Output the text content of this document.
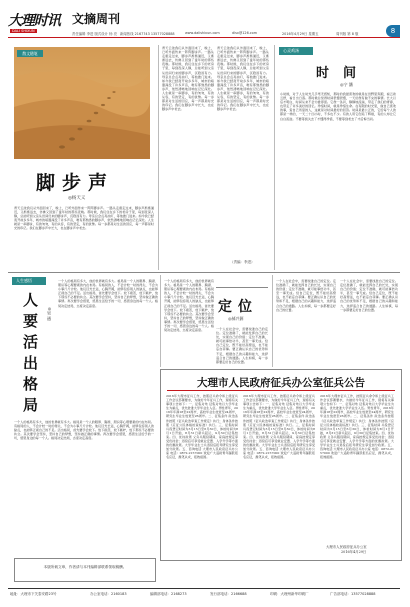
大理时讯
DALI SHIXUN
文摘周刊
责任编辑 李进 版式设计 杨 亮 新闻热线 2167743 13577028888	www.dalishixun.com	dlsx@126.com	2016年4月29日 星期五	周刊版 第 8 版	8
散文随笔
脚步声
◎杨天义
青天云浓我们从外面回来了，晚上，已听外面传来一阵阵脚步声。一路从走廊走过来，脚步声渐渐逼近，又渐渐远去，仿佛又回到了童年时的那些夜晚。那时候，我们住在乡下的老房子里，每到夜深人静，总能听到父亲从田间归来的脚步声，沉稳而有力。母亲总会点亮油灯，等他推门进来。如今我已经离开故乡多年，城市的喧嚣淹没了许多声音，唯有那熟悉的脚步声，依然清晰地回响在记忆深处。人生就是一串脚步，有的匆匆，有的从容，有的坚定，有的犹豫。每一步都是对生活的回应，每一声都是时光的印记。我们在脚步声中长大，也在脚步声中老去。
青天云浓我们从外面回来了，晚上，已听外面传来一阵阵脚步声。一路从走廊走过来，脚步声渐渐逼近，又渐渐远去，仿佛又回到了童年时的那些夜晚。那时候，我们住在乡下的老房子里，每到夜深人静，总能听到父亲从田间归来的脚步声，沉稳而有力。母亲总会点亮油灯，等他推门进来。如今我已经离开故乡多年，城市的喧嚣淹没了许多声音，唯有那熟悉的脚步声，依然清晰地回响在记忆深处。人生就是一串脚步，有的匆匆，有的从容，有的坚定，有的犹豫。每一步都是对生活的回应，每一声都是时光的印记。我们在脚步声中长大，也在脚步声中老去。
青天云浓我们从外面回来了，晚上，已听外面传来一阵阵脚步声。一路从走廊走过来，脚步声渐渐逼近，又渐渐远去，仿佛又回到了童年时的那些夜晚。那时候，我们住在乡下的老房子里，每到夜深人静，总能听到父亲从田间归来的脚步声，沉稳而有力。母亲总会点亮油灯，等他推门进来。如今我已经离开故乡多年，城市的喧嚣淹没了许多声音，唯有那熟悉的脚步声，依然清晰地回响在记忆深处。人生就是一串脚步，有的匆匆，有的从容，有的坚定，有的犹豫。每一步都是对生活的回应，每一声都是时光的印记。我们在脚步声中长大，也在脚步声中老去。
（责编：李进）
心灵鸡汤
时间
◎宁 涵
小时候，对于人生时光几乎毫无感知，那时的我最喜欢的就是在田野里奔跑，看云卷云舒，看日出日落。那时候总觉得时间很慢很慢，一天好像有做不完的事情。长大以后才明白，时间从来不会为谁停留。它像一条河，静静地流淌，带走了我们的青春，也带走了许多美好的回忆。珍惜时间，就是珍惜生命。在有限的时光里，做自己喜欢的事，爱自己所爱的人，这就是对时间最好的回答。时间是最公正的，它给每个人的都是一样的，一天二十四小时，不多也不少。有的人用它创造了辉煌，有的人却让它白白流逝。不要等到失去了才懂得珍惜，不要等到老去了才后悔当初。
人生感悟
人要活出格局	◎吴 通
一个人的格局有多大，他的世界就有多大。格局是一个人的眼界、胸襟、胆识等心理要素的内在布局。有格局的人，不会计较一时的得失，不会为小事斤斤计较。他们目光长远，心胸开阔，能够包容别人的缺点，也能够正视自己的不足。活出格局，首先要学会放下。放下抱怨，放下嫉妒，放下那些不必要的执念。其次要学会坚持，坚持自己的梦想，坚持做正确的事情。再次要学会感恩，感恩生活给予的一切，感恩身边的每一个人。格局决定结局，态度决定高度。
一个人的格局有多大，他的世界就有多大。格局是一个人的眼界、胸襟、胆识等心理要素的内在布局。有格局的人，不会计较一时的得失，不会为小事斤斤计较。他们目光长远，心胸开阔，能够包容别人的缺点，也能够正视自己的不足。活出格局，首先要学会放下。放下抱怨，放下嫉妒，放下那些不必要的执念。其次要学会坚持，坚持自己的梦想，坚持做正确的事情。再次要学会感恩，感恩生活给予的一切，感恩身边的每一个人。格局决定结局，态度决定高度。
一个人的格局有多大，他的世界就有多大。格局是一个人的眼界、胸襟、胆识等心理要素的内在布局。有格局的人，不会计较一时的得失，不会为小事斤斤计较。他们目光长远，心胸开阔，能够包容别人的缺点，也能够正视自己的不足。活出格局，首先要学会放下。放下抱怨，放下嫉妒，放下那些不必要的执念。其次要学会坚持，坚持自己的梦想，坚持做正确的事情。再次要学会感恩，感恩生活给予的一切，感恩身边的每一个人。格局决定结局，态度决定高度。
定位
◎郝兴源
一个人在社会中，需要找准自己的定位。定位准确了，就能发挥自己的长处，实现自己的价值；定位不准确，就可能事倍功半，甚至一事无成。给自己定位，既不能好高骛远，也不能妄自菲薄。要正确认识自己的优势和不足，根据自己的兴趣和能力，选择适合自己的道路。人生如棋，每一步都要走好自己的位置。
一个人在社会中，需要找准自己的定位。定位准确了，就能发挥自己的长处，实现自己的价值；定位不准确，就可能事倍功半，甚至一事无成。给自己定位，既不能好高骛远，也不能妄自菲薄。要正确认识自己的优势和不足，根据自己的兴趣和能力，选择适合自己的道路。人生如棋，每一步都要走好自己的位置。
一个人在社会中，需要找准自己的定位。定位准确了，就能发挥自己的长处，实现自己的价值；定位不准确，就可能事倍功半，甚至一事无成。给自己定位，既不能好高骛远，也不能妄自菲薄。要正确认识自己的优势和不足，根据自己的兴趣和能力，选择适合自己的道路。人生如棋，每一步都要走好自己的位置。
大理市人民政府征兵办公室征兵公告
2016年大理市征兵工作，按照征兵命令和上级征兵工作会议部署要求，为做好今年征兵工作，现将有关事项公告如下：一、征集对象 征集对象以大学毕业生为重点，优先批准大学毕业生入伍。男性青年，2016年年满18至22周岁，高校毕业生放宽至24周岁，研究生毕业生放宽至26周岁。二、征集条件 政治条件按照《征兵政治审查工作规定》执行；身体条件按照《应征公民体格检查标准》执行。三、征集时间 兵役登记时间为3月15日至6月30日，体检时间为8月1日开始，8月31日新兵起运，9月30日征集结束。四、优待政策 义务兵服役期间，家庭按规定享受优待金；退役后可享受就业安置、入学升学等方面的优惠政策。大学毕业生士兵退役后报考研究生享受加分政策。五、咨询电话 大理市人民政府征兵办公室 电话：0872-2157000 欢迎广大适龄青年踊跃报名应征，携笔从戎，报效祖国。
2016年大理市征兵工作，按照征兵命令和上级征兵工作会议部署要求，为做好今年征兵工作，现将有关事项公告如下：一、征集对象 征集对象以大学毕业生为重点，优先批准大学毕业生入伍。男性青年，2016年年满18至22周岁，高校毕业生放宽至24周岁，研究生毕业生放宽至26周岁。二、征集条件 政治条件按照《征兵政治审查工作规定》执行；身体条件按照《应征公民体格检查标准》执行。三、征集时间 兵役登记时间为3月15日至6月30日，体检时间为8月1日开始，8月31日新兵起运，9月30日征集结束。四、优待政策 义务兵服役期间，家庭按规定享受优待金；退役后可享受就业安置、入学升学等方面的优惠政策。大学毕业生士兵退役后报考研究生享受加分政策。五、咨询电话 大理市人民政府征兵办公室 电话：0872-2157000 欢迎广大适龄青年踊跃报名应征，携笔从戎，报效祖国。
2016年大理市征兵工作，按照征兵命令和上级征兵工作会议部署要求，为做好今年征兵工作，现将有关事项公告如下：一、征集对象 征集对象以大学毕业生为重点，优先批准大学毕业生入伍。男性青年，2016年年满18至22周岁，高校毕业生放宽至24周岁，研究生毕业生放宽至26周岁。二、征集条件 政治条件按照《征兵政治审查工作规定》执行；身体条件按照《应征公民体格检查标准》执行。三、征集时间 兵役登记时间为3月15日至6月30日，体检时间为8月1日开始，8月31日新兵起运，9月30日征集结束。四、优待政策 义务兵服役期间，家庭按规定享受优待金；退役后可享受就业安置、入学升学等方面的优惠政策。大学毕业生士兵退役后报考研究生享受加分政策。五、咨询电话 大理市人民政府征兵办公室 电话：0872-2157000 欢迎广大适龄青年踊跃报名应征，携笔从戎，报效祖国。
大理市人民政府征兵办公室
2016年4月29日
本版所载文章，作者请与本刊编辑部联系领取稿酬。
地址：大理市下关泰安路23号	办公室电话：2160183	编辑部电话：2168273	发行部电话：2166688	印刷：大理州新华印刷厂	广告部电话：13577028888
